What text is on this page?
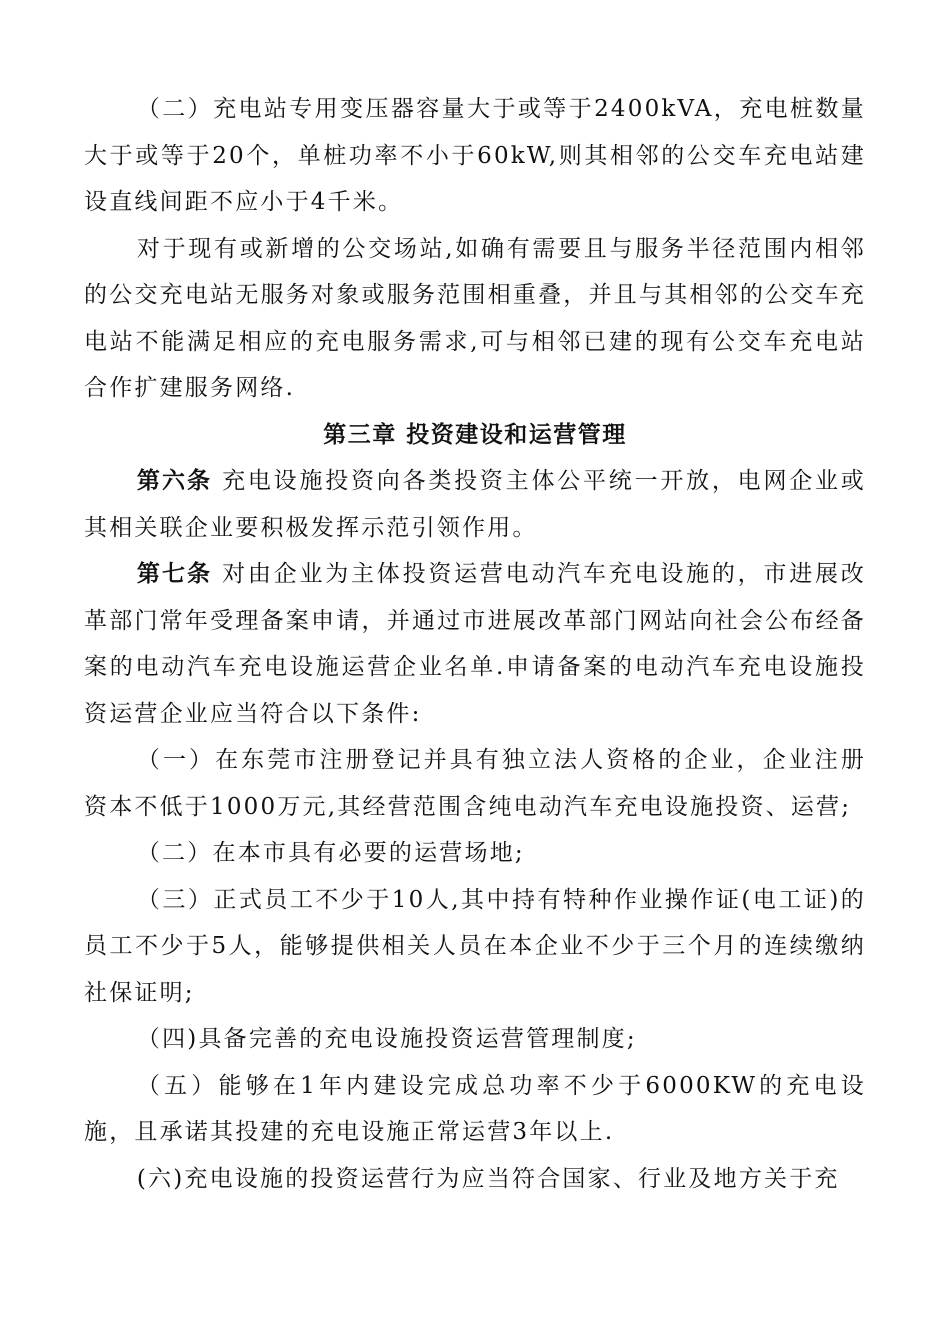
（二）充电站专用变压器容量大于或等于2400kVA，充电桩数量大于或等于20个，单桩功率不小于60kW,则其相邻的公交车充电站建设直线间距不应小于4千米。

对于现有或新增的公交场站,如确有需要且与服务半径范围内相邻的公交充电站无服务对象或服务范围相重叠，并且与其相邻的公交车充电站不能满足相应的充电服务需求,可与相邻已建的现有公交车充电站合作扩建服务网络.

第三章 投资建设和运营管理

第六条 充电设施投资向各类投资主体公平统一开放，电网企业或其相关联企业要积极发挥示范引领作用。

第七条 对由企业为主体投资运营电动汽车充电设施的，市进展改革部门常年受理备案申请，并通过市进展改革部门网站向社会公布经备案的电动汽车充电设施运营企业名单.申请备案的电动汽车充电设施投资运营企业应当符合以下条件:

（一）在东莞市注册登记并具有独立法人资格的企业，企业注册资本不低于1000万元,其经营范围含纯电动汽车充电设施投资、运营;

（二）在本市具有必要的运营场地;

（三）正式员工不少于10人,其中持有特种作业操作证(电工证)的员工不少于5人，能够提供相关人员在本企业不少于三个月的连续缴纳社保证明;

（四)具备完善的充电设施投资运营管理制度;

（五）能够在1年内建设完成总功率不少于6000KW的充电设施，且承诺其投建的充电设施正常运营3年以上.

(六)充电设施的投资运营行为应当符合国家、行业及地方关于充
